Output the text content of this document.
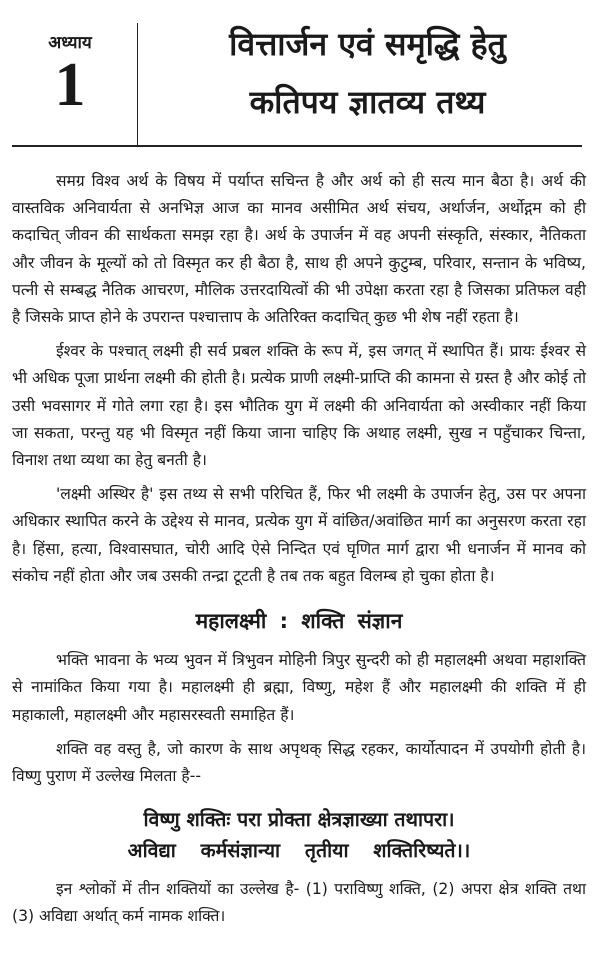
अध्याय
1
वित्तार्जन एवं समृद्धि हेतु
कतिपय ज्ञातव्य तथ्य

समग्र विश्व अर्थ के विषय में पर्याप्त सचिन्त है और अर्थ को ही सत्य मान बैठा है। अर्थ की वास्तविक अनिवार्यता से अनभिज्ञ आज का मानव असीमित अर्थ संचय, अर्थार्जन, अर्थोद्गम को ही कदाचित् जीवन की सार्थकता समझ रहा है। अर्थ के उपार्जन में वह अपनी संस्कृति, संस्कार, नैतिकता और जीवन के मूल्यों को तो विस्मृत कर ही बैठा है, साथ ही अपने कुटुम्ब, परिवार, सन्तान के भविष्य, पत्नी से सम्बद्ध नैतिक आचरण, मौलिक उत्तरदायित्वों की भी उपेक्षा करता रहा है जिसका प्रतिफल वही है जिसके प्राप्त होने के उपरान्त पश्चात्ताप के अतिरिक्त कदाचित् कुछ भी शेष नहीं रहता है।

ईश्वर के पश्चात् लक्ष्मी ही सर्व प्रबल शक्ति के रूप में, इस जगत् में स्थापित हैं। प्रायः ईश्वर से भी अधिक पूजा प्रार्थना लक्ष्मी की होती है। प्रत्येक प्राणी लक्ष्मी-प्राप्ति की कामना से ग्रस्त है और कोई तो उसी भवसागर में गोते लगा रहा है। इस भौतिक युग में लक्ष्मी की अनिवार्यता को अस्वीकार नहीं किया जा सकता, परन्तु यह भी विस्मृत नहीं किया जाना चाहिए कि अथाह लक्ष्मी, सुख न पहुँचाकर चिन्ता, विनाश तथा व्यथा का हेतु बनती है।

'लक्ष्मी अस्थिर है' इस तथ्य से सभी परिचित हैं, फिर भी लक्ष्मी के उपार्जन हेतु, उस पर अपना अधिकार स्थापित करने के उद्देश्य से मानव, प्रत्येक युग में वांछित/अवांछित मार्ग का अनुसरण करता रहा है। हिंसा, हत्या, विश्वासघात, चोरी आदि ऐसे निन्दित एवं घृणित मार्ग द्वारा भी धनार्जन में मानव को संकोच नहीं होता और जब उसकी तन्द्रा टूटती है तब तक बहुत विलम्ब हो चुका होता है।

महालक्ष्मी : शक्ति संज्ञान

भक्ति भावना के भव्य भुवन में त्रिभुवन मोहिनी त्रिपुर सुन्दरी को ही महालक्ष्मी अथवा महाशक्ति से नामांकित किया गया है। महालक्ष्मी ही ब्रह्मा, विष्णु, महेश हैं और महालक्ष्मी की शक्ति में ही महाकाली, महालक्ष्मी और महासरस्वती समाहित हैं।

शक्ति वह वस्तु है, जो कारण के साथ अपृथक् सिद्ध रहकर, कार्योत्पादन में उपयोगी होती है। विष्णु पुराण में उल्लेख मिलता है--

विष्णु शक्तिः परा प्रोक्ता क्षेत्रज्ञाख्या तथापरा।
अविद्या कर्मसंज्ञान्या तृतीया शक्तिरिष्यते।।

इन श्लोकों में तीन शक्तियों का उल्लेख है- (1) पराविष्णु शक्ति, (2) अपरा क्षेत्र शक्ति तथा (3) अविद्या अर्थात् कर्म नामक शक्ति।
